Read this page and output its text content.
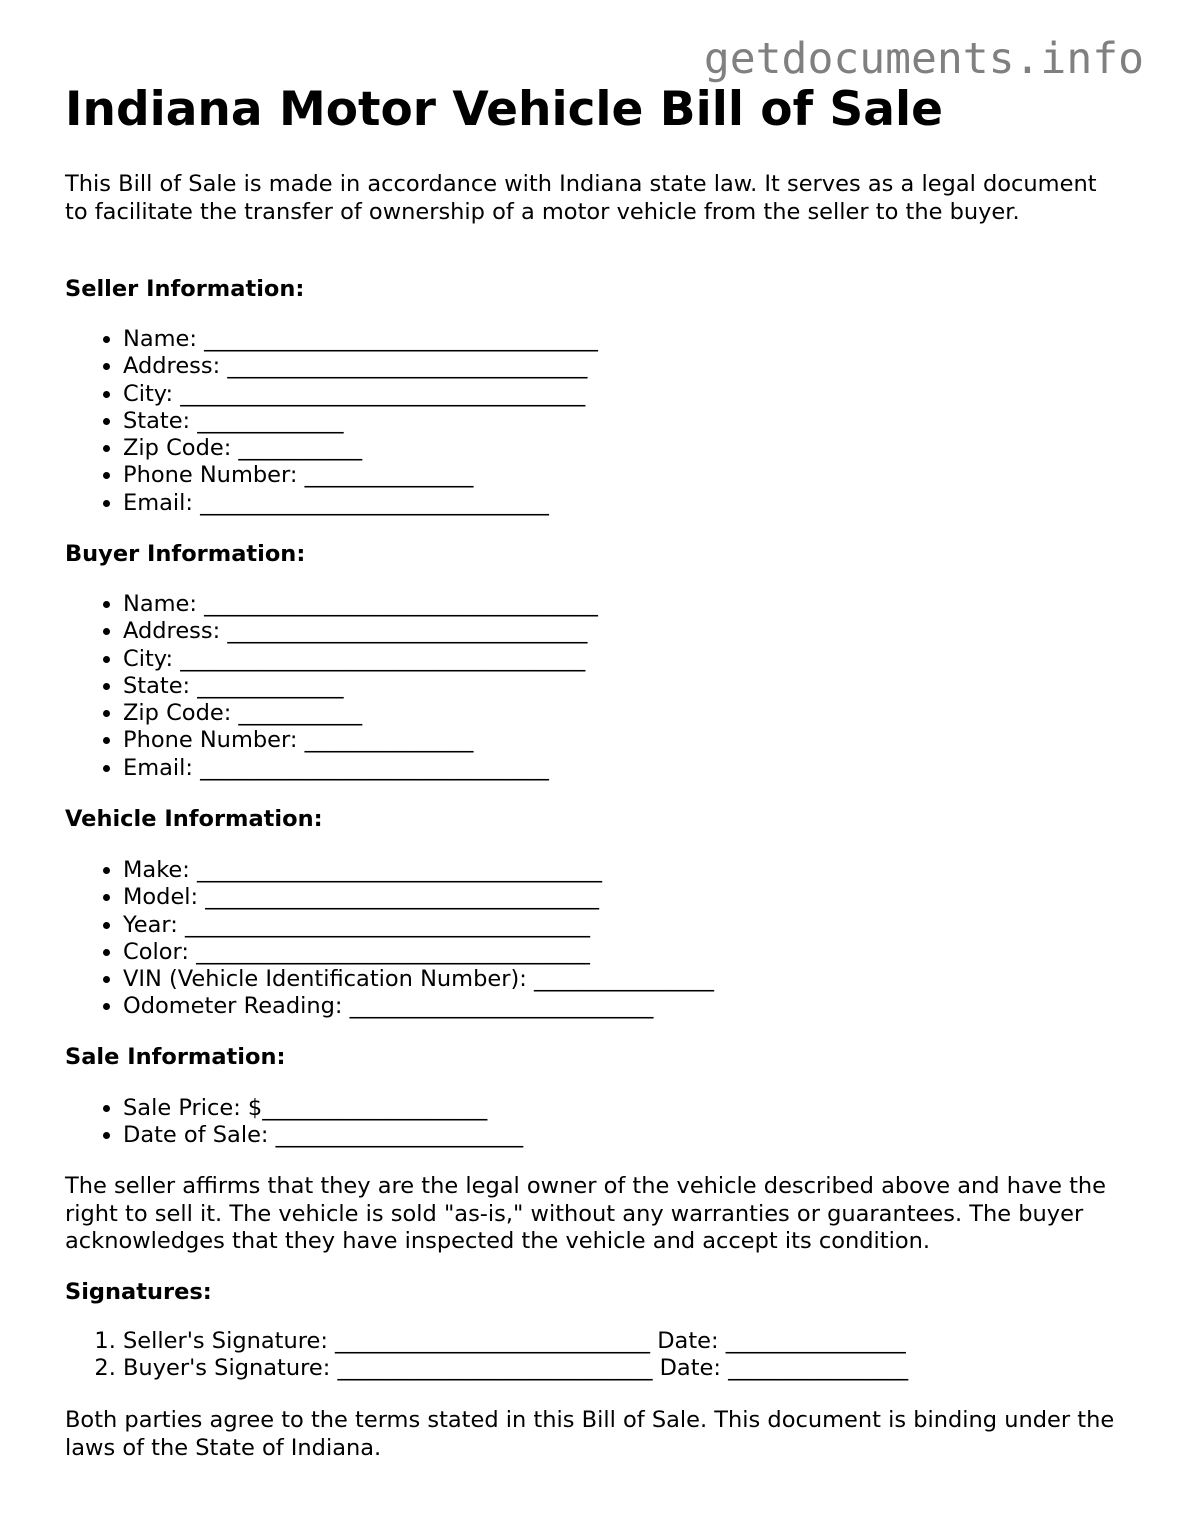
getdocuments.info
Indiana Motor Vehicle Bill of Sale
This Bill of Sale is made in accordance with Indiana state law. It serves as a legal document to facilitate the transfer of ownership of a motor vehicle from the seller to the buyer.
Seller Information:
• Name: ___________________________________
• Address: ________________________________
• City: ____________________________________
• State: _____________
• Zip Code: ___________
• Phone Number: _______________
• Email: _______________________________
Buyer Information:
• Name: ___________________________________
• Address: ________________________________
• City: ____________________________________
• State: _____________
• Zip Code: ___________
• Phone Number: _______________
• Email: _______________________________
Vehicle Information:
• Make: ____________________________________
• Model: ___________________________________
• Year: ____________________________________
• Color: ___________________________________
• VIN (Vehicle Identification Number): ________________
• Odometer Reading: ___________________________
Sale Information:
• Sale Price: $____________________
• Date of Sale: ______________________
The seller affirms that they are the legal owner of the vehicle described above and have the right to sell it. The vehicle is sold "as-is," without any warranties or guarantees. The buyer acknowledges that they have inspected the vehicle and accept its condition.
Signatures:
1. Seller's Signature: ____________________________ Date: ________________
2. Buyer's Signature: ____________________________ Date: ________________
Both parties agree to the terms stated in this Bill of Sale. This document is binding under the laws of the State of Indiana.
